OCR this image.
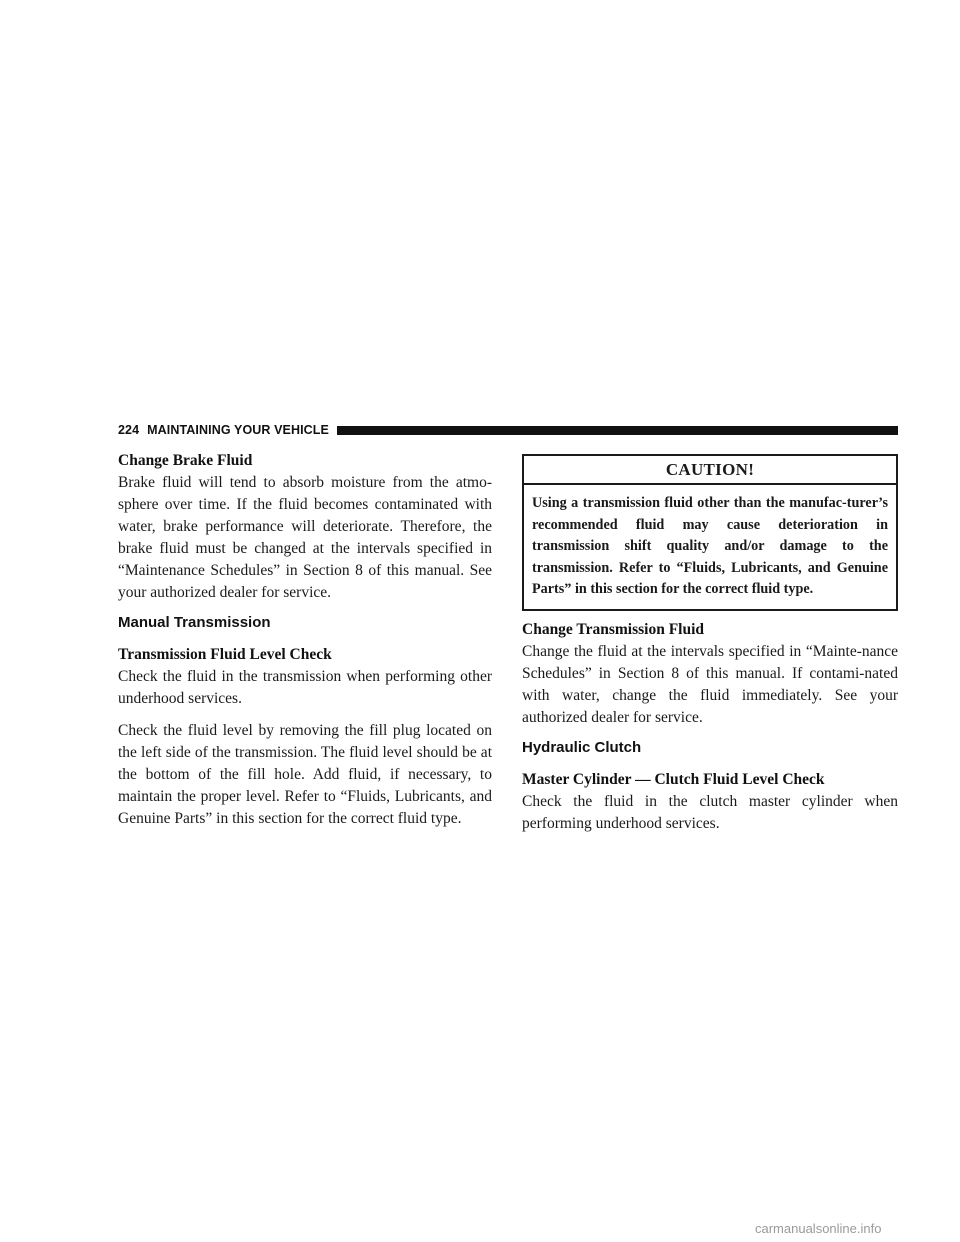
224 MAINTAINING YOUR VEHICLE
Change Brake Fluid

Brake fluid will tend to absorb moisture from the atmo-sphere over time. If the fluid becomes contaminated with water, brake performance will deteriorate. Therefore, the brake fluid must be changed at the intervals specified in “Maintenance Schedules” in Section 8 of this manual. See your authorized dealer for service.

Manual Transmission
Transmission Fluid Level Check

Check the fluid in the transmission when performing other underhood services.

Check the fluid level by removing the fill plug located on the left side of the transmission. The fluid level should be at the bottom of the fill hole. Add fluid, if necessary, to maintain the proper level. Refer to “Fluids, Lubricants, and Genuine Parts” in this section for the correct fluid type.

CAUTION!
Using a transmission fluid other than the manufac-turer’s recommended fluid may cause deterioration in transmission shift quality and/or damage to the transmission. Refer to “Fluids, Lubricants, and Genuine Parts” in this section for the correct fluid type.
Change Transmission Fluid

Change the fluid at the intervals specified in “Mainte-nance Schedules” in Section 8 of this manual. If contami-nated with water, change the fluid immediately. See your authorized dealer for service.

Hydraulic Clutch
Master Cylinder — Clutch Fluid Level Check

Check the fluid in the clutch master cylinder when performing underhood services.

carmanualsonline.info
